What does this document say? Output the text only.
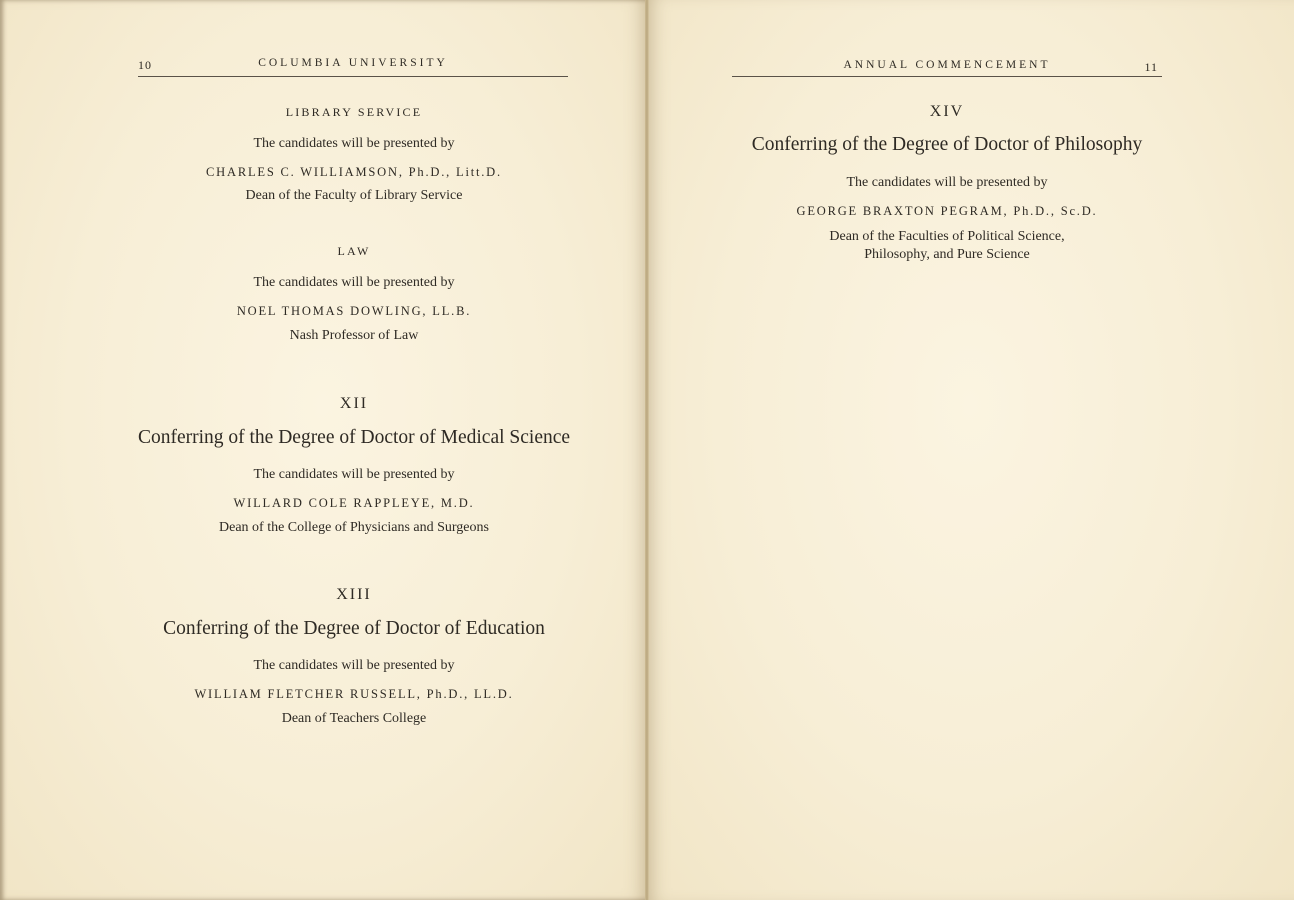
10	COLUMBIA UNIVERSITY
LIBRARY SERVICE
The candidates will be presented by
CHARLES C. WILLIAMSON, Ph.D., Litt.D.
Dean of the Faculty of Library Service
LAW
The candidates will be presented by
NOEL THOMAS DOWLING, LL.B.
Nash Professor of Law
XII
Conferring of the Degree of Doctor of Medical Science
The candidates will be presented by
WILLARD COLE RAPPLEYE, M.D.
Dean of the College of Physicians and Surgeons
XIII
Conferring of the Degree of Doctor of Education
The candidates will be presented by
WILLIAM FLETCHER RUSSELL, Ph.D., LL.D.
Dean of Teachers College
ANNUAL COMMENCEMENT	11
XIV
Conferring of the Degree of Doctor of Philosophy
The candidates will be presented by
GEORGE BRAXTON PEGRAM, Ph.D., Sc.D.
Dean of the Faculties of Political Science, Philosophy, and Pure Science
